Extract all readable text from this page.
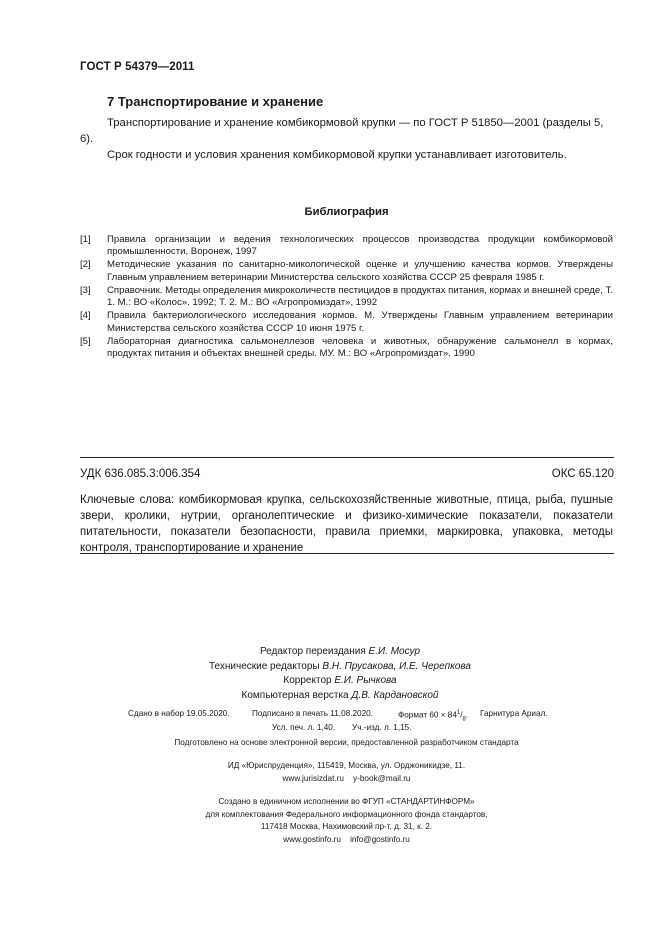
ГОСТ Р 54379—2011
7 Транспортирование и хранение

Транспортирование и хранение комбикормовой крупки — по ГОСТ Р 51850—2001 (разделы 5, 6).

Срок годности и условия хранения комбикормовой крупки устанавливает изготовитель.

Библиография
[1]	Правила организации и ведения технологических процессов производства продукции комбикормовой промышленности, Воронеж, 1997
[2]	Методические указания по санитарно-микологической оценке и улучшению качества кормов. Утверждены Главным управлением ветеринарии Министерства сельского хозяйства СССР 25 февраля 1985 г.
[3]	Справочник. Методы определения микроколичеств пестицидов в продуктах питания, кормах и внешней среде, Т. 1. М.: ВО «Колос». 1992; Т. 2. М.: ВО «Агропромиздат», 1992
[4]	Правила бактериологического исследования кормов. М. Утверждены Главным управлением ветеринарии Министерства сельского хозяйства СССР 10 июня 1975 г.
[5]	Лабораторная диагностика сальмонеллезов человека и животных, обнаружение сальмонелл в кормах, продуктах питания и объектах внешней среды. МУ. М.: ВО «Агропромиздат». 1990
УДК 636.085.3:006.354	ОКС 65.120
Ключевые слова: комбикормовая крупка, сельскохозяйственные животные, птица, рыба, пушные звери, кролики, нутрии, органолептические и физико-химические показатели, показатели питательности, показатели безопасности, правила приемки, маркировка, упаковка, методы контроля, транспортирование и хранение
Редактор переиздания Е.И. Мосур
Технические редакторы В.Н. Прусакова, И.Е. Черепкова
Корректор Е.И. Рычкова
Компьютерная верстка Д.В. Кардановской
Сдано в набор 19.05.2020.	Подписано в печать 11.08.2020.	Формат $60 \times 84^1/_8$. Гарнитура Ариал.
Усл. печ. л. 1,40. Уч.-изд. л. 1,15.
Подготовлено на основе электронной версии, предоставленной разработчиком стандарта
ИД «Юриспруденция», 115419, Москва, ул. Орджоникидзе, 11.
www.jurisizdat.ru y-book@mail.ru
Создано в единичном исполнении во ФГУП «СТАНДАРТИНФОРМ»
для комплектования Федерального информационного фонда стандартов,
117418 Москва, Нахимовский пр-т, д. 31, к. 2.
www.gostinfo.ru info@gostinfo.ru
